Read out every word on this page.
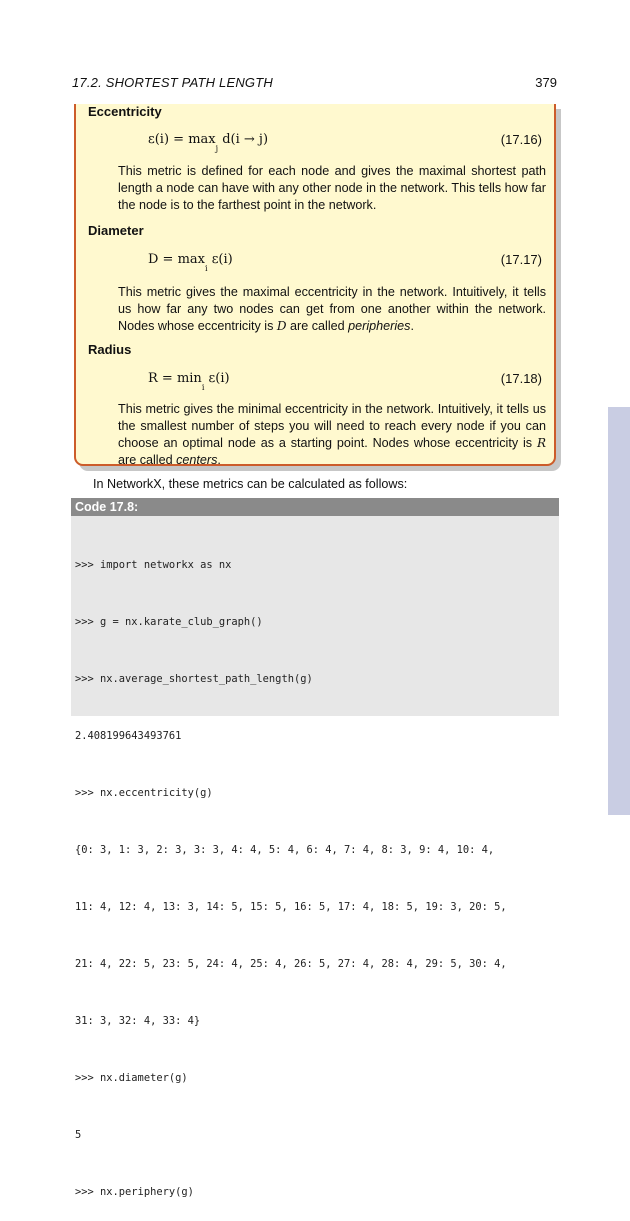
17.2. SHORTEST PATH LENGTH	379
Eccentricity
$\varepsilon(i) = \max_j d(i \to j)$	(17.16)
This metric is defined for each node and gives the maximal shortest path length a node can have with any other node in the network. This tells how far the node is to the farthest point in the network.
Diameter
$D = \max_i \varepsilon(i)$	(17.17)
This metric gives the maximal eccentricity in the network. Intuitively, it tells us how far any two nodes can get from one another within the network. Nodes whose eccentricity is D are called peripheries.
Radius
$R = \min_i \varepsilon(i)$	(17.18)
This metric gives the minimal eccentricity in the network. Intuitively, it tells us the smallest number of steps you will need to reach every node if you can choose an optimal node as a starting point. Nodes whose eccentricity is R are called centers.
In NetworkX, these metrics can be calculated as follows:
Code 17.8:

>>> import networkx as nx

>>> g = nx.karate_club_graph()

>>> nx.average_shortest_path_length(g)

2.408199643493761

>>> nx.eccentricity(g)

{0: 3, 1: 3, 2: 3, 3: 3, 4: 4, 5: 4, 6: 4, 7: 4, 8: 3, 9: 4, 10: 4,

11: 4, 12: 4, 13: 3, 14: 5, 15: 5, 16: 5, 17: 4, 18: 5, 19: 3, 20: 5,

21: 4, 22: 5, 23: 5, 24: 4, 25: 4, 26: 5, 27: 4, 28: 4, 29: 5, 30: 4,

31: 3, 32: 4, 33: 4}

>>> nx.diameter(g)

5

>>> nx.periphery(g)
